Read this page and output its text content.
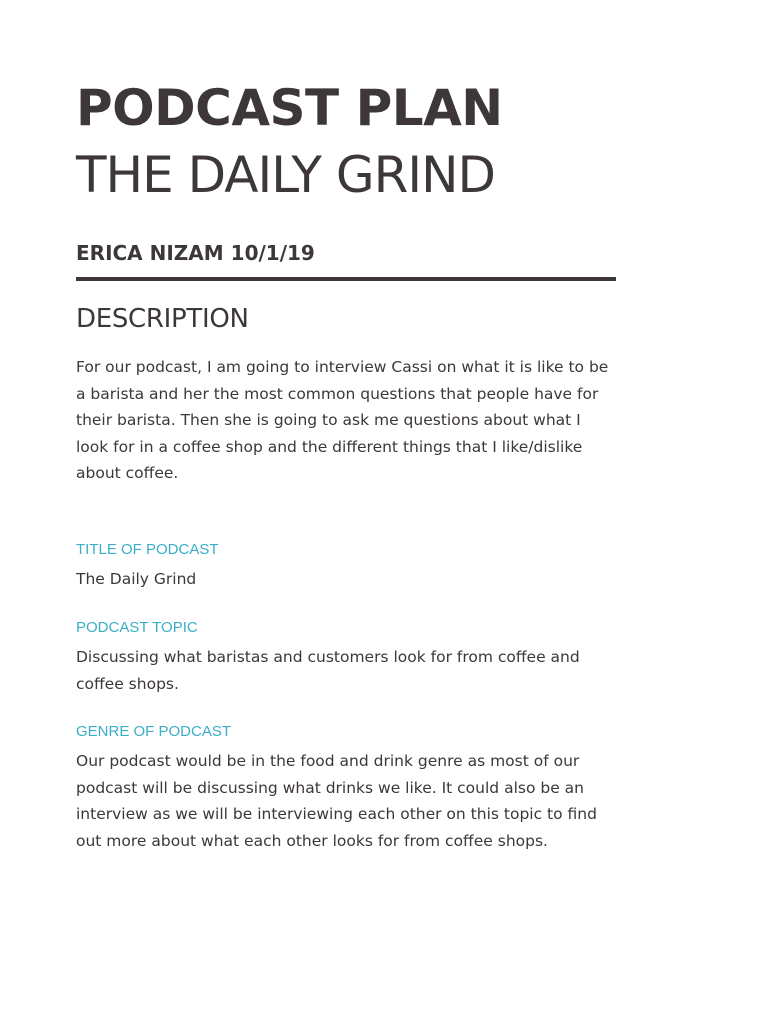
PODCAST PLAN
THE DAILY GRIND
ERICA NIZAM 10/1/19
DESCRIPTION

For our podcast, I am going to interview Cassi on what it is like to be a barista and her the most common questions that people have for their barista. Then she is going to ask me questions about what I look for in a coffee shop and the different things that I like/dislike about coffee.

TITLE OF PODCAST

The Daily Grind

PODCAST TOPIC

Discussing what baristas and customers look for from coffee and coffee shops.

GENRE OF PODCAST

Our podcast would be in the food and drink genre as most of our podcast will be discussing what drinks we like. It could also be an interview as we will be interviewing each other on this topic to find out more about what each other looks for from coffee shops.
